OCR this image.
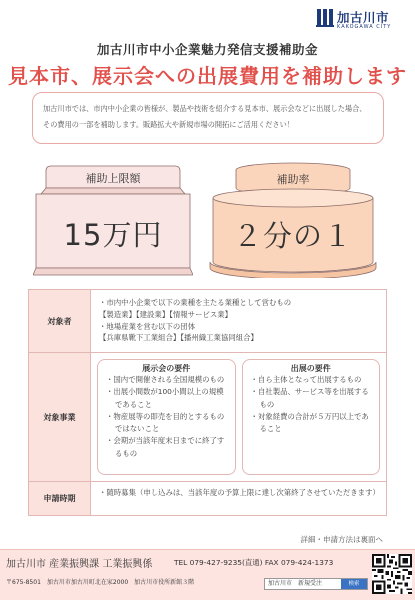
加古川市
KAKOGAWA CITY
加古川市中小企業魅力発信支援補助金
見本市、展示会への出展費用を補助します
加古川市では、市内中小企業の皆様が、製品や技術を紹介する見本市、展示会などに出展した場合、その費用の一部を補助します。販路拡大や新規市場の開拓にご活用ください！
補助上限額
15万円
補助率
２分の１
対象者
・市内中小企業で以下の業種を主たる業種として営むもの
【製造業】【建設業】【情報サービス業】
・地場産業を営む以下の団体
【兵庫県靴下工業組合】【播州織工業協同組合】
対象事業
展示会の要件
・ 国内で開催される全国規模のもの
・ 出展小間数が100小間以上の規模であること
・ 物産展等の即売を目的とするものではないこと
・ 会期が当該年度末日までに終了するもの
出展の要件
・ 自ら主体となって出展するもの
・ 自社製品、サービス等を出展するもの
・ 対象経費の合計が５万円以上であること
申請時期
・随時募集（申し込みは、当該年度の予算上限に達し次第終了させていただきます）
詳細・申請方法は裏面へ
加古川市 産業振興課 工業振興係	TEL 079-427-9235(直通) FAX 079-424-1373
〒675-8501　加古川市加古川町北在家2000　加古川市役所新館３階	加古川市　新規受注	検索
